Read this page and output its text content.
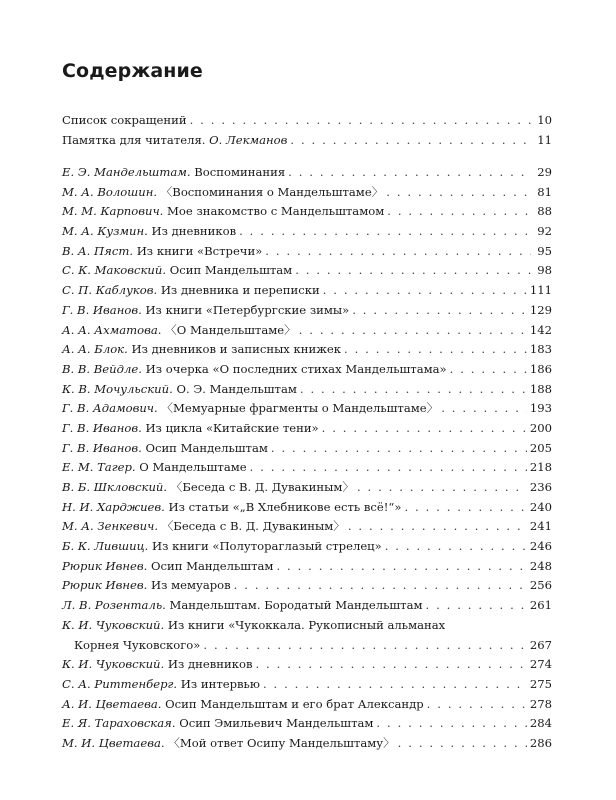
Содержание
Список сокращений . . .	10
Памятка для читателя. О. Лекманов . . .	11
Е. Э. Мандельштам. Воспоминания . . .	29
М. А. Волошин. 〈Воспоминания о Мандельштаме〉 . . .	81
М. М. Карпович. Мое знакомство с Мандельштамом . . .	88
М. А. Кузмин. Из дневников . . .	92
В. А. Пяст. Из книги «Встречи» . . .	95
С. К. Маковский. Осип Мандельштам . . .	98
С. П. Каблуков. Из дневника и переписки . . .	111
Г. В. Иванов. Из книги «Петербургские зимы» . . .	129
А. А. Ахматова. 〈О Мандельштаме〉 . . .	142
А. А. Блок. Из дневников и записных книжек . . .	183
В. В. Вейдле. Из очерка «О последних стихах Мандельштама» . . .	186
К. В. Мочульский. О. Э. Мандельштам . . .	188
Г. В. Адамович. 〈Мемуарные фрагменты о Мандельштаме〉 . . .	193
Г. В. Иванов. Из цикла «Китайские тени» . . .	200
Г. В. Иванов. Осип Мандельштам . . .	205
Е. М. Тагер. О Мандельштаме . . .	218
В. Б. Шкловский. 〈Беседа с В. Д. Дувакиным〉 . . .	236
Н. И. Харджиев. Из статьи «„В Хлебникове есть всё!“» . . .	240
М. А. Зенкевич. 〈Беседа с В. Д. Дувакиным〉 . . .	241
Б. К. Лившиц. Из книги «Полутораглазый стрелец» . . .	246
Рюрик Ивнев. Осип Мандельштам . . .	248
Рюрик Ивнев. Из мемуаров . . .	256
Л. В. Розенталь. Мандельштам. Бородатый Мандельштам . . .	261
К. И. Чуковский. Из книги «Чукоккала. Рукописный альманах
Корнея Чуковского» . . .	267
К. И. Чуковский. Из дневников . . .	274
С. А. Риттенберг. Из интервью . . .	275
А. И. Цветаева. Осип Мандельштам и его брат Александр . . .	278
Е. Я. Тараховская. Осип Эмильевич Мандельштам . . .	284
М. И. Цветаева. 〈Мой ответ Осипу Мандельштаму〉 . . .	286
